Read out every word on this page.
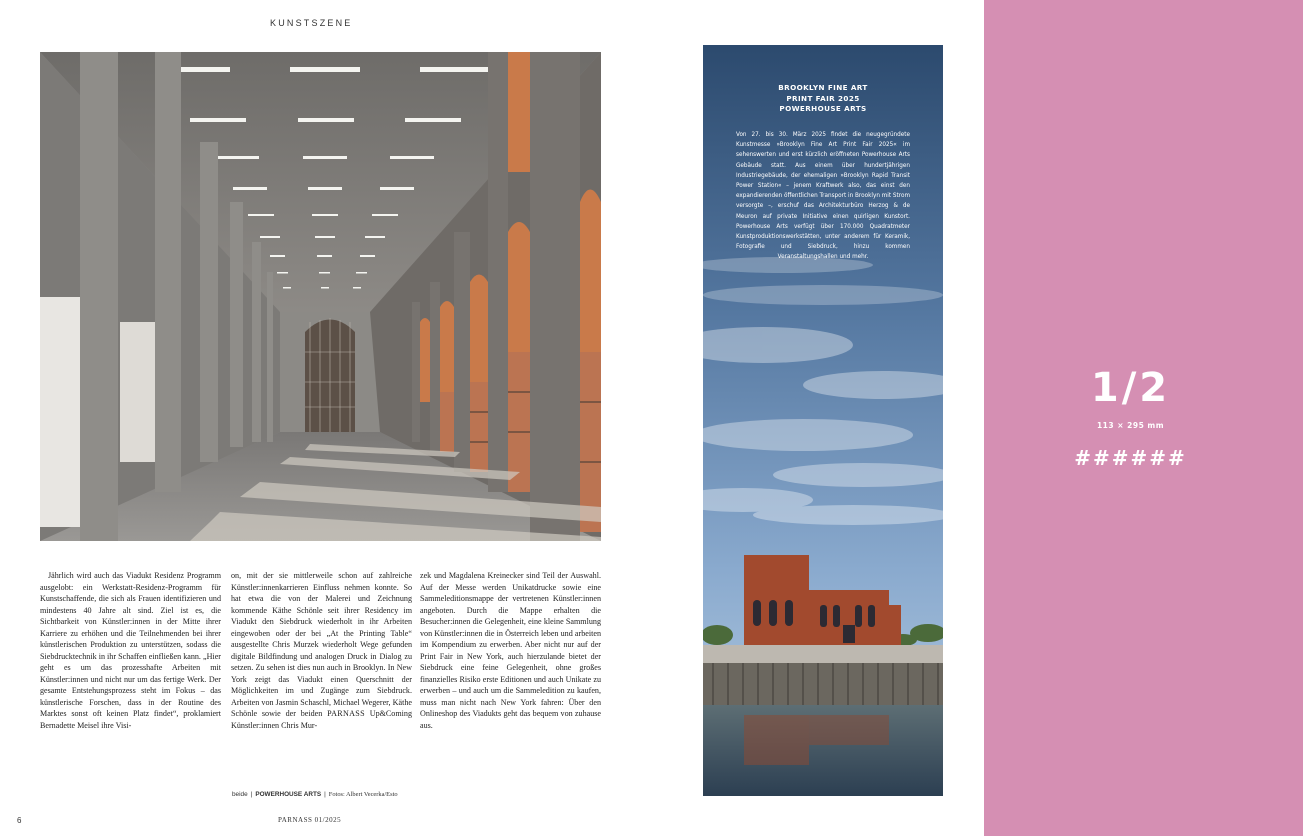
KUNSTSZENE

Jährlich wird auch das Viadukt Residenz Programm ausgelobt: ein Werkstatt-Residenz-Programm für Kunstschaffende, die sich als Frauen identifizieren und mindestens 40 Jahre alt sind. Ziel ist es, die Sichtbarkeit von Künstler:innen in der Mitte ihrer Karriere zu erhöhen und die Teilnehmenden bei ihrer künstlerischen Produktion zu unterstützen, sodass die Siebdrucktechnik in ihr Schaffen einfließen kann. „Hier geht es um das prozesshafte Arbeiten mit Künstler:innen und nicht nur um das fertige Werk. Der gesamte Entstehungsprozess steht im Fokus – das künstlerische Forschen, dass in der Routine des Marktes sonst oft keinen Platz findet“, proklamiert Bernadette Meisel ihre Visi-

on, mit der sie mittlerweile schon auf zahlreiche Künstler:innenkarrieren Einfluss nehmen konnte. So hat etwa die von der Malerei und Zeichnung kommende Käthe Schönle seit ihrer Residency im Viadukt den Siebdruck wiederholt in ihr Arbeiten eingewoben oder der bei „At the Printing Table“ ausgestellte Chris Murzek wiederholt Wege gefunden digitale Bildfindung und analogen Druck in Dialog zu setzen. Zu sehen ist dies nun auch in Brooklyn. In New York zeigt das Viadukt einen Querschnitt der Möglichkeiten im und Zugänge zum Siebdruck. Arbeiten von Jasmin Schaschl, Michael Wegerer, Käthe Schönle sowie der beiden PARNASS Up&Coming Künstler:innen Chris Mur-

zek und Magdalena Kreinecker sind Teil der Auswahl. Auf der Messe werden Unikatdrucke sowie eine Sammeleditionsmappe der vertretenen Künstler:innen angeboten. Durch die Mappe erhalten die Besucher:innen die Gelegenheit, eine kleine Sammlung von Künstler:innen die in Österreich leben und arbeiten im Kompendium zu erwerben. Aber nicht nur auf der Print Fair in New York, auch hierzulande bietet der Siebdruck eine feine Gelegenheit, ohne großes finanzielles Risiko erste Editionen und auch Unikate zu erwerben – und auch um die Sammeledition zu kaufen, muss man nicht nach New York fahren: Über den Onlineshop des Viadukts geht das bequem von zuhause aus.

beide | POWERHOUSE ARTS | Fotos: Albert Vecerka/Esto
6	PARNASS 01/2025
BROOKLYN FINE ART
PRINT FAIR 2025
POWERHOUSE ARTS
Von 27. bis 30. März 2025 findet die neugegründete Kunstmesse »Brooklyn Fine Art Print Fair 2025« im sehenswerten und erst kürzlich eröffneten Powerhouse Arts Gebäude statt. Aus einem über hundertjährigen Industriegebäude, der ehemaligen »Brooklyn Rapid Transit Power Station« – jenem Kraftwerk also, das einst den expandierenden öffentlichen Transport in Brooklyn mit Strom versorgte –, erschuf das Architekturbüro Herzog & de Meuron auf private Initiative einen quirligen Kunstort. Powerhouse Arts verfügt über 170.000 Quadratmeter Kunstproduktionswerkstätten, unter anderem für Keramik, Fotografie und Siebdruck, hinzu kommen Veranstaltungshallen und mehr.
1/2
113 × 295 mm
######
